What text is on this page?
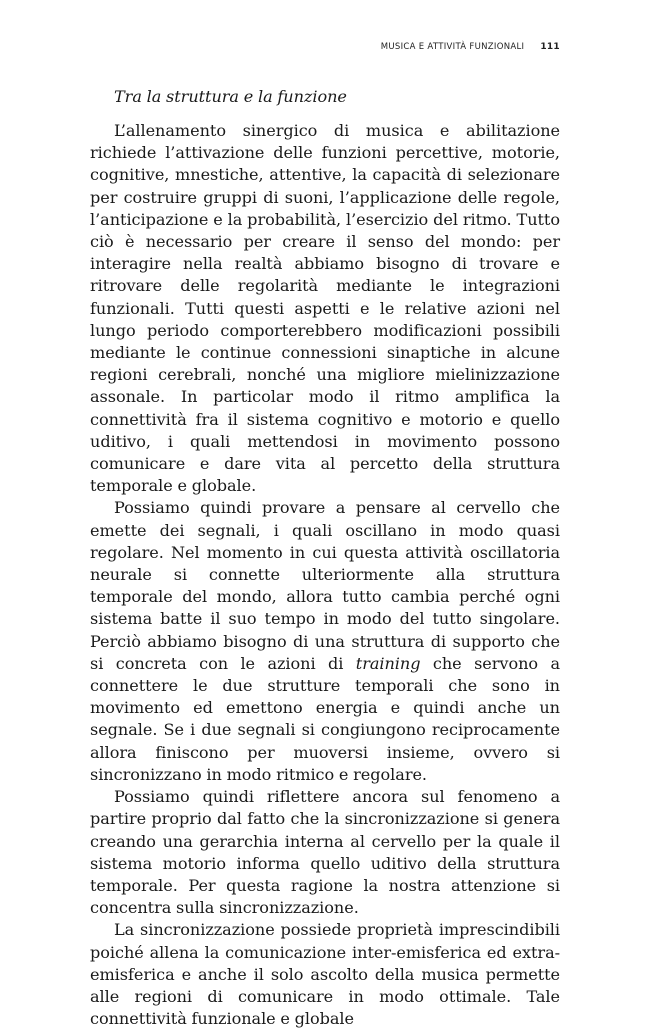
MUSICA E ATTIVITÀ FUNZIONALI 111
Tra la struttura e la funzione

L’allenamento sinergico di musica e abilitazione richiede l’attivazione delle funzioni percettive, motorie, cognitive, mnestiche, attentive, la capacità di selezionare per costruire gruppi di suoni, l’applicazione delle regole, l’anticipazione e la probabilità, l’esercizio del ritmo. Tutto ciò è necessario per creare il senso del mondo: per interagire nella realtà abbiamo bisogno di trovare e ritrovare delle regolarità mediante le integrazioni funzionali. Tutti questi aspetti e le relative azioni nel lungo periodo comporterebbero modificazioni possibili mediante le continue connessioni sinaptiche in alcune regioni cerebrali, nonché una migliore mielinizzazione assonale. In particolar modo il ritmo amplifica la connettività fra il sistema cognitivo e motorio e quello uditivo, i quali mettendosi in movimento possono comunicare e dare vita al percetto della struttura temporale e globale.

Possiamo quindi provare a pensare al cervello che emette dei segnali, i quali oscillano in modo quasi regolare. Nel momento in cui questa attività oscillatoria neurale si connette ulteriormente alla struttura temporale del mondo, allora tutto cambia perché ogni sistema batte il suo tempo in modo del tutto singolare. Perciò abbiamo bisogno di una struttura di supporto che si concreta con le azioni di training che servono a connettere le due strutture temporali che sono in movimento ed emettono energia e quindi anche un segnale. Se i due segnali si congiungono reciprocamente allora finiscono per muoversi insieme, ovvero si sincronizzano in modo ritmico e regolare.

Possiamo quindi riflettere ancora sul fenomeno a partire proprio dal fatto che la sincronizzazione si genera creando una gerarchia interna al cervello per la quale il sistema motorio informa quello uditivo della struttura temporale. Per questa ragione la nostra attenzione si concentra sulla sincronizzazione.

La sincronizzazione possiede proprietà imprescindibili poiché allena la comunicazione inter-emisferica ed extra-emisferica e anche il solo ascolto della musica permette alle regioni di comunicare in modo ottimale. Tale connettività funzionale e globale
